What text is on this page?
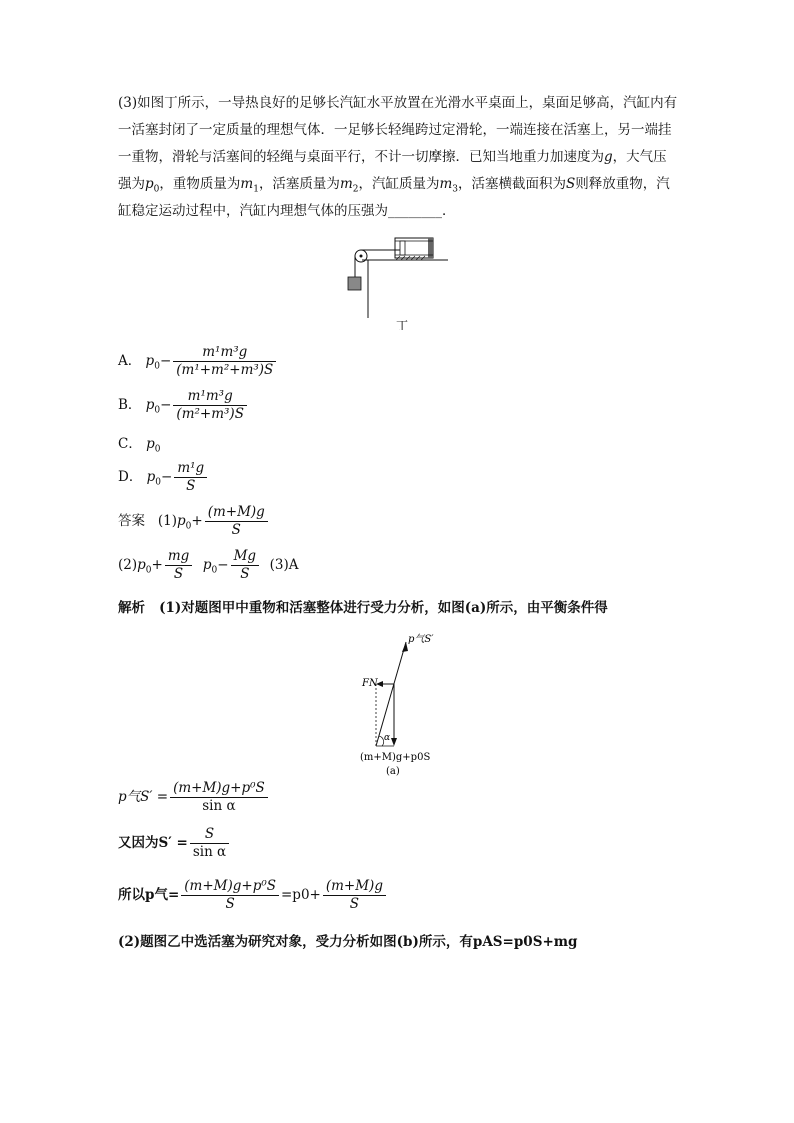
(3)如图丁所示，一导热良好的足够长汽缸水平放置在光滑水平桌面上，桌面足够高，汽缸内有一活塞封闭了一定质量的理想气体．一足够长轻绳跨过定滑轮，一端连接在活塞上，另一端挂一重物，滑轮与活塞间的轻绳与桌面平行，不计一切摩擦．已知当地重力加速度为g，大气压强为$p_0$，重物质量为$m_1$，活塞质量为$m_2$，汽缸质量为$m_3$，活塞横截面积为S则释放重物，汽缸稳定运动过程中，汽缸内理想气体的压强为________．
丁
A． $p_0- \frac{\text{m¹m³g}}{\text{(m¹+m²+m³)S}}$
B． $p_0- \frac{\text{m¹m³g}}{\text{(m²+m³)S}}$
C． $p_0$
D． $p_0- \frac{\text{m¹g}}{S}$
答案 $(1)p_0+ \frac{(m+M)g}{S}$
$(2)p_0+ \frac{mg}{S} p_0- \frac{Mg}{S} (3)A$
解析 (1)对题图甲中重物和活塞整体进行受力分析，如图(a)所示，由平衡条件得
p气S′
FN
α
(m+M)g+p0S
(a)
p气$S' = \frac{\text{(m+M)g+p⁰S}}{\text{sin α}}$
又因为$S' = \frac{S}{\text{sin α}}$
所以p气= $\frac{\text{(m+M)g+p⁰S}}{S} =p0+ \frac{(m+M)g}{S}$
(2)题图乙中选活塞为研究对象，受力分析如图(b)所示，有pAS=p0S+mg
